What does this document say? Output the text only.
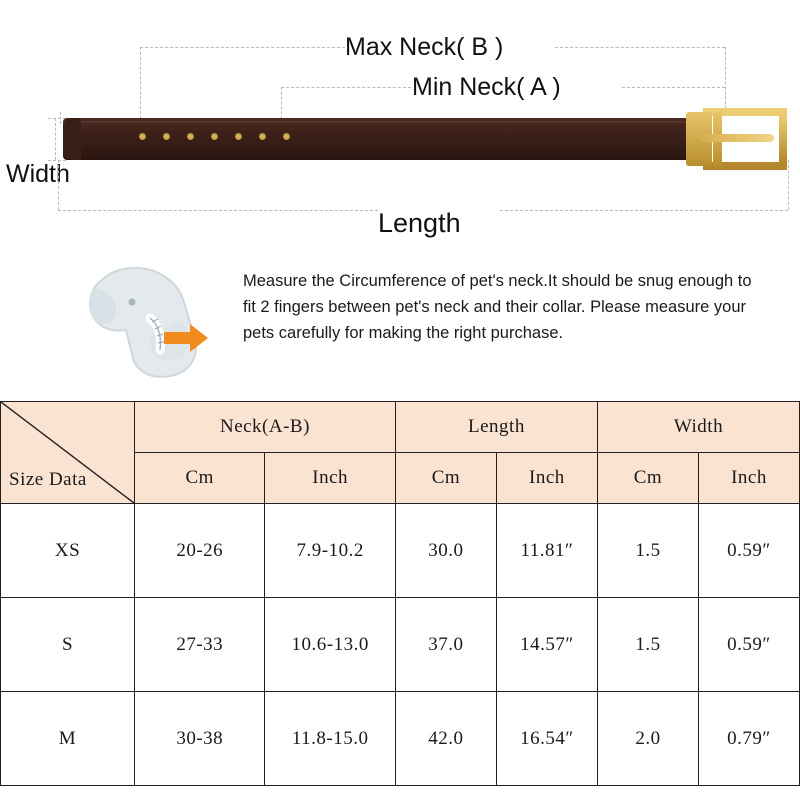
Max Neck( B )
Min Neck( A )
Width
Length
Measure the Circumference of pet's neck.It should be snug enough to fit 2 fingers between pet's neck and their collar. Please measure your pets carefully for making the right purchase.
Size Data	Neck(A-B)		Length		Width	
	Cm	Inch	Cm	Inch	Cm	Inch
XS	20-26	7.9-10.2	30.0	11.81″	1.5	0.59″
S	27-33	10.6-13.0	37.0	14.57″	1.5	0.59″
M	30-38	11.8-15.0	42.0	16.54″	2.0	0.79″
